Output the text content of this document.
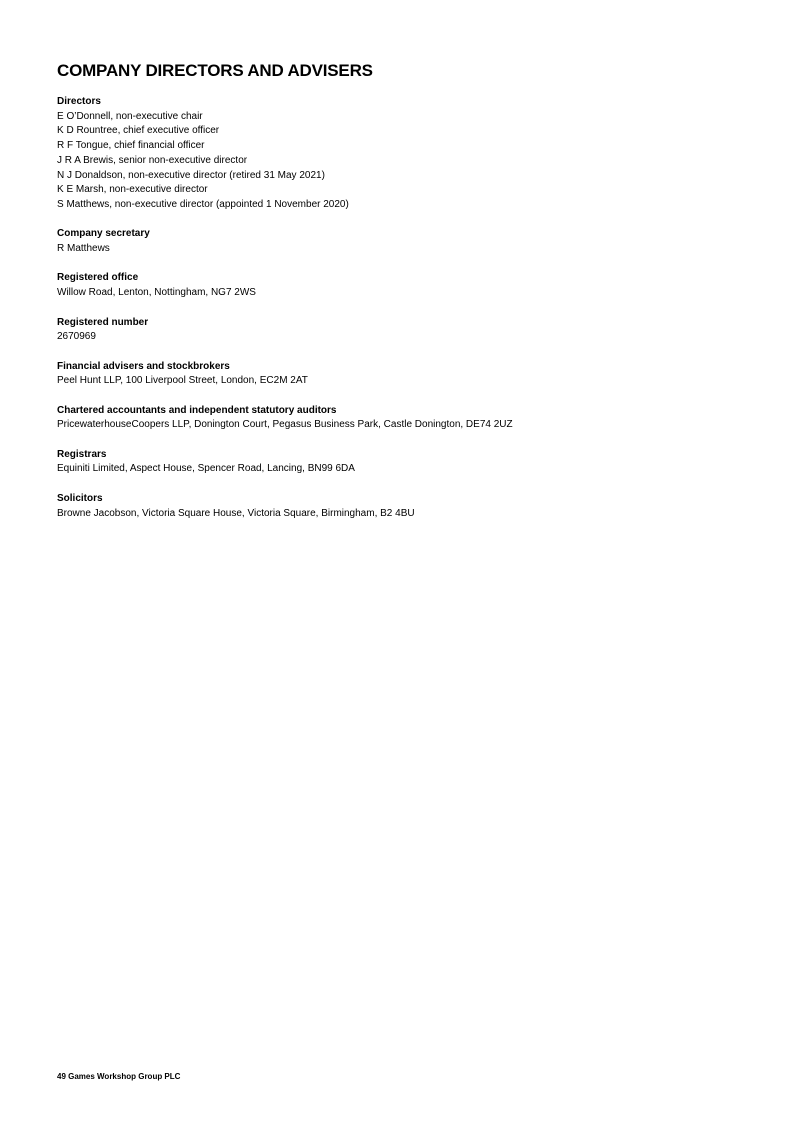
COMPANY DIRECTORS AND ADVISERS
Directors
E O’Donnell, non-executive chair
K D Rountree, chief executive officer
R F Tongue, chief financial officer
J R A Brewis, senior non-executive director
N J Donaldson, non-executive director (retired 31 May 2021)
K E Marsh, non-executive director
S Matthews, non-executive director (appointed 1 November 2020)
Company secretary
R Matthews
Registered office
Willow Road, Lenton, Nottingham, NG7 2WS
Registered number
2670969
Financial advisers and stockbrokers
Peel Hunt LLP, 100 Liverpool Street, London, EC2M 2AT
Chartered accountants and independent statutory auditors
PricewaterhouseCoopers LLP, Donington Court, Pegasus Business Park, Castle Donington, DE74 2UZ
Registrars
Equiniti Limited, Aspect House, Spencer Road, Lancing, BN99 6DA
Solicitors
Browne Jacobson, Victoria Square House, Victoria Square, Birmingham, B2 4BU
49 Games Workshop Group PLC
